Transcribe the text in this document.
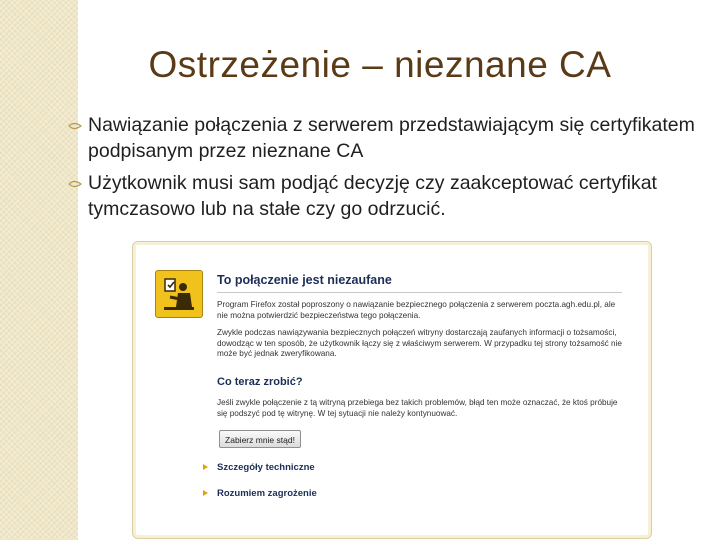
Ostrzeżenie – nieznane CA
Nawiązanie połączenia z serwerem przedstawiającym się certyfikatem podpisanym przez nieznane CA
Użytkownik musi sam podjąć decyzję czy zaakceptować certyfikat tymczasowo lub na stałe czy go odrzucić.
To połączenie jest niezaufane

Program Firefox został poproszony o nawiązanie bezpiecznego połączenia z serwerem poczta.agh.edu.pl, ale nie można potwierdzić bezpieczeństwa tego połączenia.

Zwykle podczas nawiązywania bezpiecznych połączeń witryny dostarczają zaufanych informacji o tożsamości, dowodząc w ten sposób, że użytkownik łączy się z właściwym serwerem. W przypadku tej strony tożsamość nie może być jednak zweryfikowana.

Co teraz zrobić?

Jeśli zwykle połączenie z tą witryną przebiega bez takich problemów, błąd ten może oznaczać, że ktoś próbuje się podszyć pod tę witrynę. W tej sytuacji nie należy kontynuować.

Zabierz mnie stąd!
Szczegóły techniczne
Rozumiem zagrożenie
